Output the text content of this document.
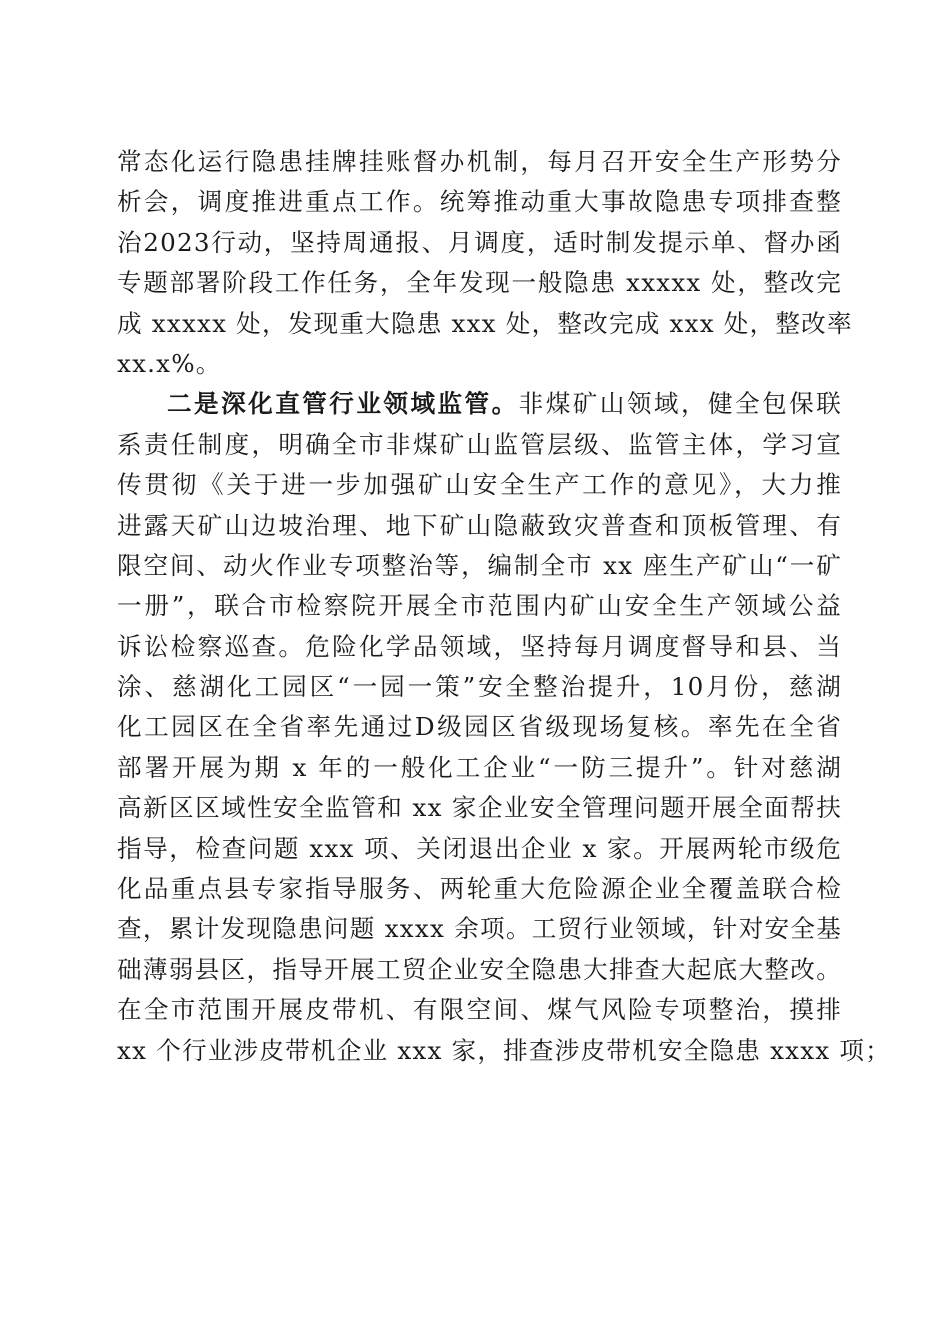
常态化运行隐患挂牌挂账督办机制，每月召开安全生产形势分
析会，调度推进重点工作。统筹推动重大事故隐患专项排查整
治2023行动，坚持周通报、月调度，适时制发提示单、督办函
专题部署阶段工作任务，全年发现一般隐患 xxxxx 处，整改完
成 xxxxx 处，发现重大隐患 xxx 处，整改完成 xxx 处，整改率
xx.x%。
二是深化直管行业领域监管。非煤矿山领域，健全包保联
系责任制度，明确全市非煤矿山监管层级、监管主体，学习宣
传贯彻《关于进一步加强矿山安全生产工作的意见》，大力推
进露天矿山边坡治理、地下矿山隐蔽致灾普查和顶板管理、有
限空间、动火作业专项整治等，编制全市 xx 座生产矿山“一矿
一册”，联合市检察院开展全市范围内矿山安全生产领域公益
诉讼检察巡查。危险化学品领域，坚持每月调度督导和县、当
涂、慈湖化工园区“一园一策”安全整治提升，10月份，慈湖
化工园区在全省率先通过D级园区省级现场复核。率先在全省
部署开展为期 x 年的一般化工企业“一防三提升”。针对慈湖
高新区区域性安全监管和 xx 家企业安全管理问题开展全面帮扶
指导，检查问题 xxx 项、关闭退出企业 x 家。开展两轮市级危
化品重点县专家指导服务、两轮重大危险源企业全覆盖联合检
查，累计发现隐患问题 xxxx 余项。工贸行业领域，针对安全基
础薄弱县区，指导开展工贸企业安全隐患大排查大起底大整改。
在全市范围开展皮带机、有限空间、煤气风险专项整治，摸排
xx 个行业涉皮带机企业 xxx 家，排查涉皮带机安全隐患 xxxx 项；
